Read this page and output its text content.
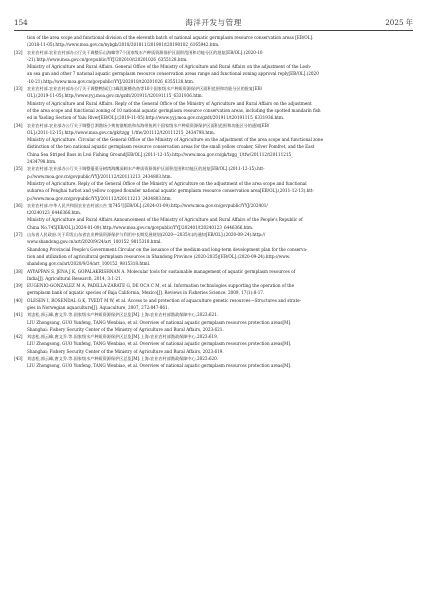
154	海洋开发与管理	2025 年
tion of the area scope and functional division of the eleventh batch of national aquatic germplasm resource conservation areas [EB/OL].
(2018-11-05).http://www.moa.gov.cn/nybgb/2018/201811/201901/t20190102_6165942.htm.
[32] 农业农村部.农业农村部办公厅关于调整乐山海蟑等7个国家级水产种质资源保护区面积范围和功能分区的批复[EB/OL].(2020-10
-21).http://www.moa.gov.cn/govpublic/YYJ/202010/t20201026_6355128.htm.
Ministry of Agriculture and Rural Affairs. General Office of the Ministry of Agriculture and Rural Affairs on the adjustment of the Lesh-
an sea gun and other 7 national aquatic germplasm resource conservation areas range and functional zoning approval reply[EB/OL].(2020
-10-21).http://www.moa.gov.cn/govpublic/YYJ/202010/t20201026_6355128.htm.
[33] 农业农村部.农业农村部办公厅关于调整鸭绿江口峰段斑鲦鱼鱼等10个国家级水产种质资源保护区面积范围和功能分区的批复[EB/
OL].(2019-11-05).http://www.yyj.moa.gov.cn/gzdt/201911/t20191115_6331936.htm.
Ministry of Agriculture and Rural Affairs. Reply of the General Office of the Ministry of Agriculture and Rural Affairs on the adjustment
of the area scope and functional zoning of 10 national aquatic germplasm resource conservation areas, including the spotted mandarin fish
ed in Yaoling Section of Yalu River[EB/OL].(2019-11-05).http://www.yyj.moa.gov.cn/gzdt/201911/t20191115_6331936.htm.
[34] 农业农村部.农业部办公厅关于调整吕泗渔场小黄鱼银鲳鱼和东海带鱼两个国家级水产种质资源保护区面积范围和功能区分的通知[EB/
OL].(2011-12-15).http://www.moa.gov.cn/gk/tzgg_1/tfw/201112/t20111215_2434798.htm.
Ministry of Agriculture. Circular of the General Office of the Ministry of Agriculture on the adjustment of the area scope and functional zone
distinction of the two national aquatic germplasm resource conservation areas for the small yellow croaker, Silver Pomfret, and the East
China Sea Striped Bass in Lvsi Fishing Ground[EB/OL].(2011-12-15).http://www.moa.gov.cn/gk/tzgg_1/tfw/201112/t20111215_
2434798.htm.
[35] 农业农村部.农业部办公厅关于调整蓬莱牙树湾海鹰深刺水产种质资源保护区面积范围和功能区的批复[EB/OL].(2011-12-15).htt-
p://www.moa.gov.cn/govpublic/YYJ/201112/t20111213_2434803.htm.
Ministry of Agriculture. Reply of the General Office of the Ministry of Agriculture on the adjustment of the area scope and functional
subarea of Penghai turbot and yellow copped flounder national aquatic germplasm resource conservation area[EB/OL].(2011-12-13).htt-
p://www.moa.gov.cn/govpublic/YYJ/201112/t20111213_2434803.htm.
[36] 农业农村部.中华人民共和国农业农村部公告 第745号[EB/OL].(2024-01-09).http://www.moa.gov.cn/govpublic/YYJ/202401/
t20240123_6446366.htm.
Ministry of Agriculture and Rural Affairs.Announcement of the Ministry of Agriculture and Rural Affairs of the People's Republic of
China No.745[EB/OL].(2024-01-09).http://www.moa.gov.cn/govpublic/YYJ/202401/t20240123_6446366.htm.
[37] 山东省人民政府.关于印发山东省农业种质资源保护与利用中长期发展规划(2020—2035年)的通知[EB/OL].(2020-09-24).http://
www.shandong.gov.cn/art/2020/9/24/art_100152_9815318.html.
Shandong Provincial People's Government.Circular on the issuance of the medium-and long-term development plan for the conserva-
tion and utilization of agricultural germplasm resources in Shandong Province (2020-2035)[EB/OL].(2020-09-24).http://www.
shandong.gov.cn/art/2020/9/24/art_100152_9815318.html.
[38] AYYAPPAN S, JENA J K, GOPALAKRISHNAN A. Molecular tools for sustainable management of aquatic germplasm resources of
India[J]. Agricultural Research, 2014, 3:1-21.
[39] EUGENIO-GONZALEZ M A, PADILLA-ZARATE G, DE OCA C M, et al. Information technologies supporting the operation of the
germplasm bank of aquatic species of Baja California, Mexico[J]. Reviews in Fisheries Science, 2009, 17(1):8-17.
[40] OLESEN I, ROSENDAL G K, TVEDT M W, et al. Access to and protection of aquaculture genetic resources—Structures and strate-
gies in Norwegian aquaculture[J]. Aquaculture, 2007, 272:847-861.
[41] 刘忠松,郭云峰,唐文乔.等.国家级水产种质资源保护区总览[M].上海:农业农村部渔政保障中心,2023:621.
LIU Zhongsong, GUO Yunfeng, TANG Wenbiao, et al. Overview of national aquatic germplasm resources protection areas[M].
Shanghai: Fishery Security Center of the Ministry of Agriculture and Rural Affairs, 2023:621.
[42] 刘忠松,郭云峰,唐文乔.等.国家级水产种质资源保护区总览[M].上海:农业农村部渔政保障中心,2023:619.
LIU Zhongsong, GUO Yunfeng, TANG Wenbiao, et al. Overview of national aquatic germplasm resources protection areas[M].
Shanghai: Fishery Security Center of the Ministry of Agriculture and Rural Affairs, 2023:619.
[43] 刘忠松,郭云峰,唐文乔.等.国家级水产种质资源保护区总览[M].上海:农业农村部渔政保障中心,2023:620.
LIU Zhongsong, GUO Yunfeng, TANG Wenbiao, et al. Overview of national aquatic germplasm resources protection areas[M].
